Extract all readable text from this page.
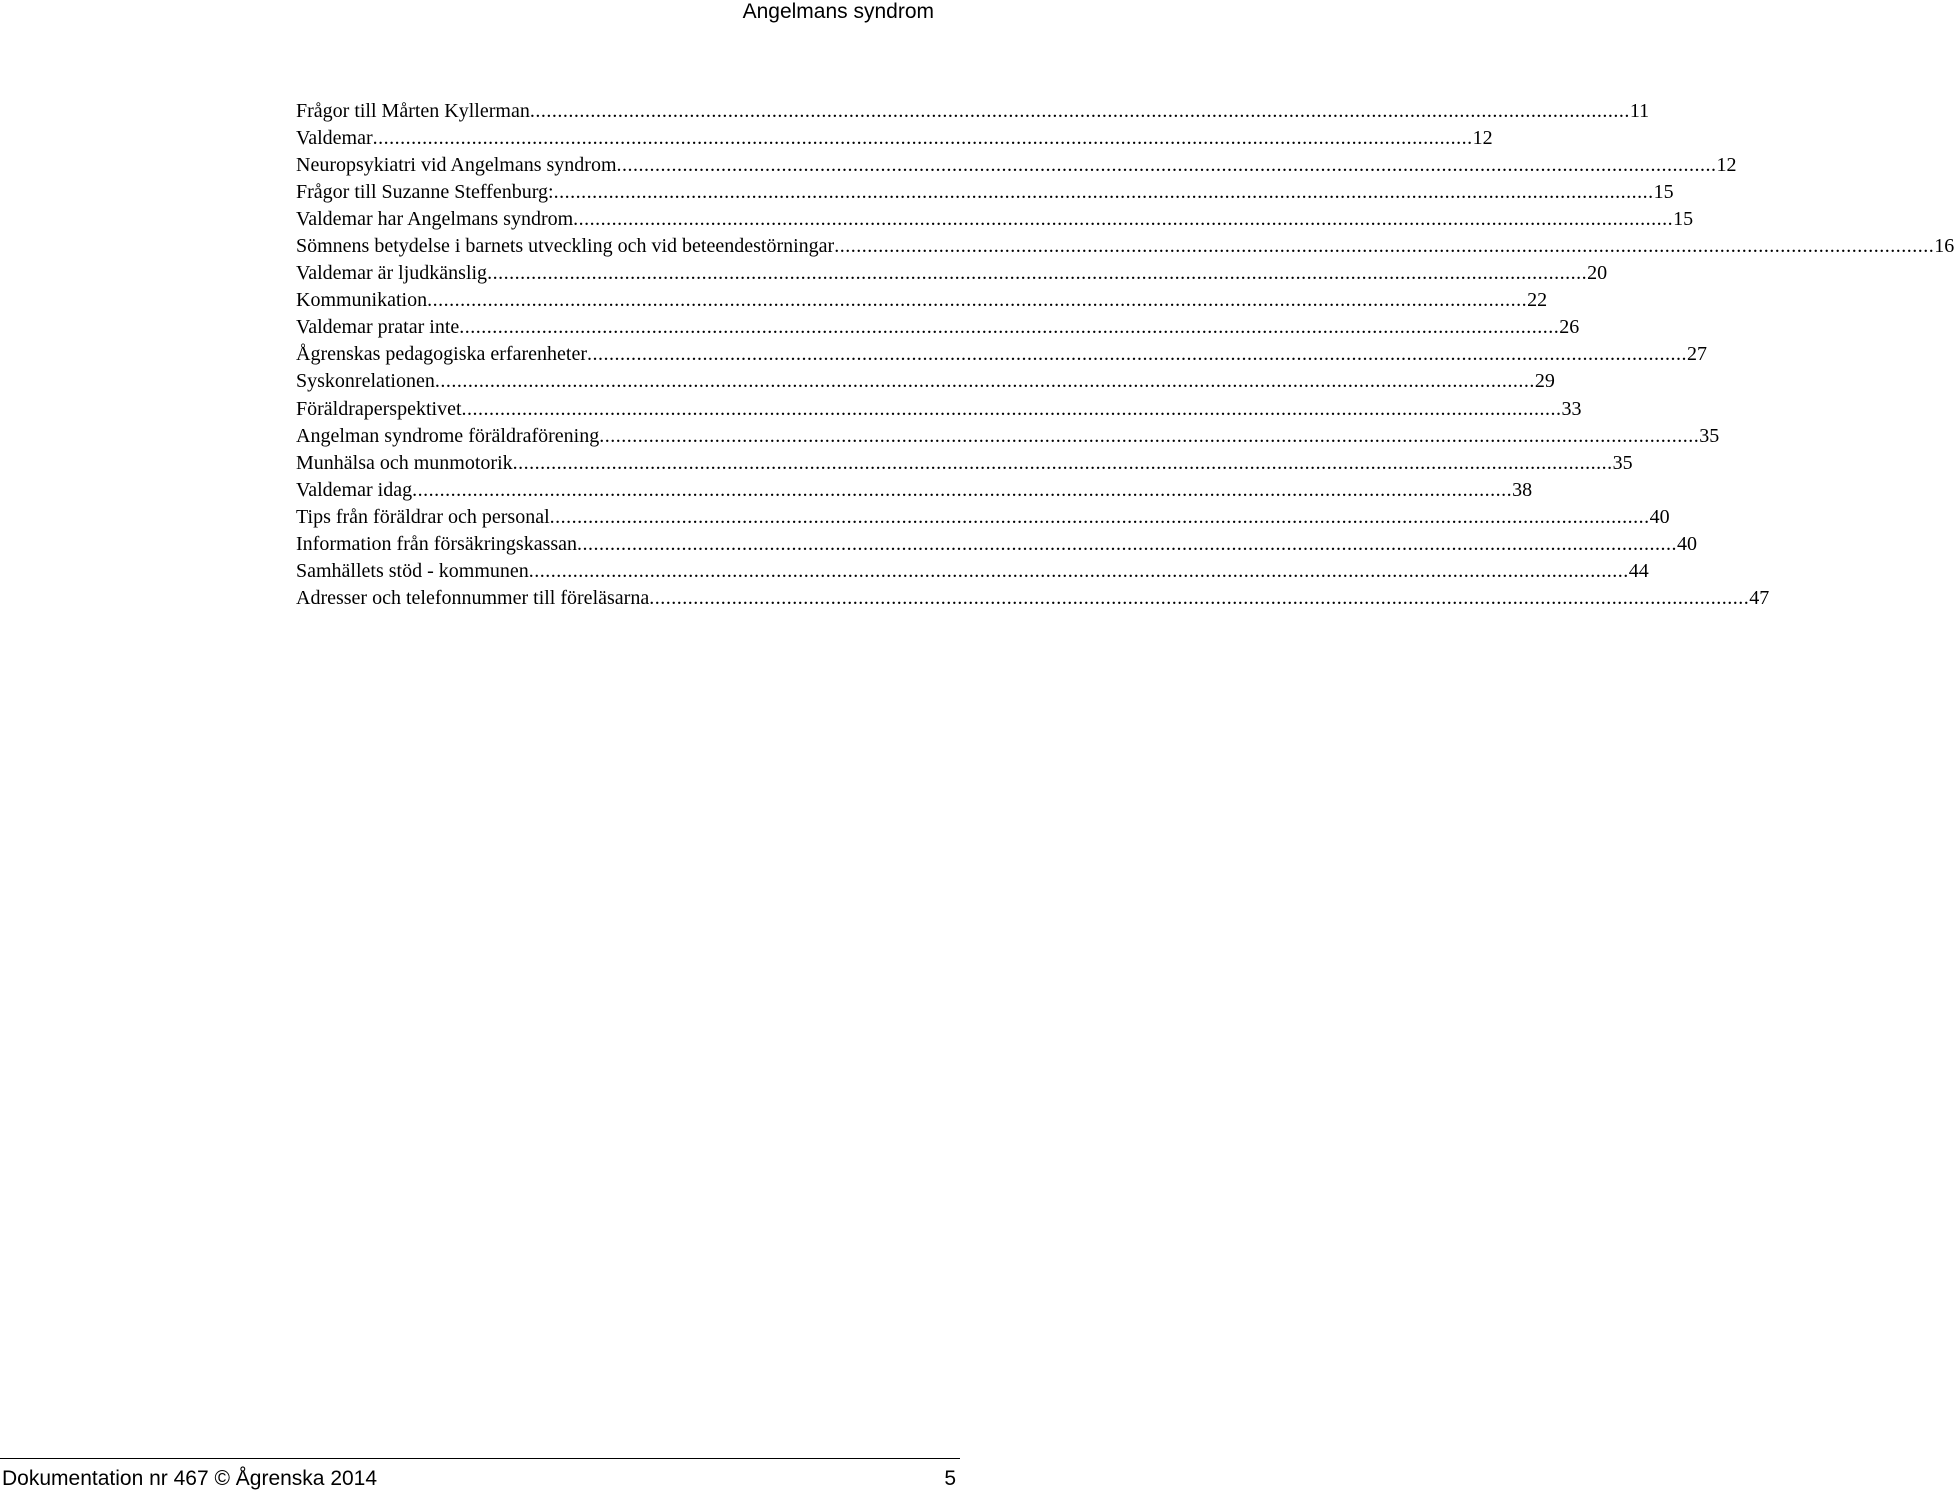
Angelmans syndrom
Frågor till Mårten Kyllerman ........................................................................................................................................................................................................ 11
Valdemar ........................................................................................................................................................................................................ 12
Neuropsykiatri vid Angelmans syndrom ........................................................................................................................................................................................................ 12
Frågor till Suzanne Steffenburg: ........................................................................................................................................................................................................ 15
Valdemar har Angelmans syndrom ........................................................................................................................................................................................................ 15
Sömnens betydelse i barnets utveckling och vid beteendestörningar ........................................................................................................................................................................................................ 16
Valdemar är ljudkänslig ........................................................................................................................................................................................................ 20
Kommunikation ........................................................................................................................................................................................................ 22
Valdemar pratar inte ........................................................................................................................................................................................................ 26
Ågrenskas pedagogiska erfarenheter ........................................................................................................................................................................................................ 27
Syskonrelationen ........................................................................................................................................................................................................ 29
Föräldraperspektivet ........................................................................................................................................................................................................ 33
Angelman syndrome föräldraförening ........................................................................................................................................................................................................ 35
Munhälsa och munmotorik ........................................................................................................................................................................................................ 35
Valdemar idag ........................................................................................................................................................................................................ 38
Tips från föräldrar och personal ........................................................................................................................................................................................................ 40
Information från försäkringskassan ........................................................................................................................................................................................................ 40
Samhällets stöd - kommunen ........................................................................................................................................................................................................ 44
Adresser och telefonnummer till föreläsarna ........................................................................................................................................................................................................ 47
Dokumentation nr 467 © Ågrenska 2014	5
